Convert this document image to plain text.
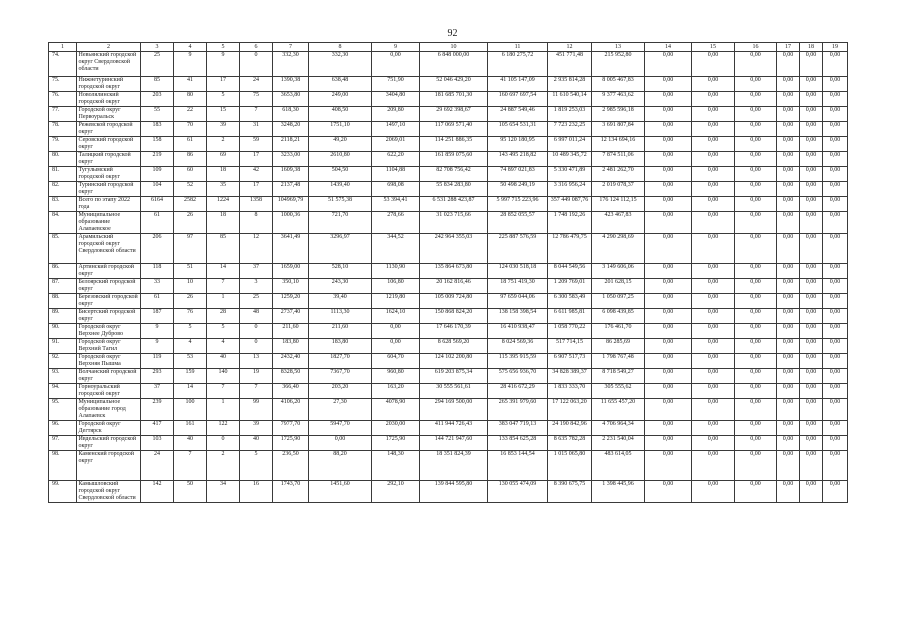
92
1	2	3	4	5	6	7	8	9	10	11	12	13	14	15	16	17	18	19
74.	Невьянский городской округ Свердловской области	25	9	9	0	332,30	332,30	0,00	6 848 000,00	6 180 275,72	451 771,48	215 952,80	0,00	0,00	0,00	0,00	0,00	0,00
75.	Нижнетуринский городской округ	85	41	17	24	1390,38	638,48	751,90	52 046 429,20	41 105 147,09	2 935 814,28	8 005 467,83	0,00	0,00	0,00	0,00	0,00	0,00
76.	Новолялинский городской округ	203	80	5	75	3653,80	249,00	3404,80	181 685 701,30	160 697 697,54	11 610 540,14	9 377 463,62	0,00	0,00	0,00	0,00	0,00	0,00
77.	Городской округ Первоуральск	55	22	15	7	618,30	408,50	209,80	29 692 398,67	24 887 549,46	1 819 253,03	2 985 596,18	0,00	0,00	0,00	0,00	0,00	0,00
78.	Режевской городской округ	183	70	39	31	3248,20	1751,10	1497,10	117 069 571,40	105 654 531,31	7 723 232,25	3 691 807,84	0,00	0,00	0,00	0,00	0,00	0,00
79.	Серовский городской округ	158	61	2	59	2118,21	49,20	2069,01	114 251 886,35	95 120 180,95	6 997 011,24	12 134 694,16	0,00	0,00	0,00	0,00	0,00	0,00
80.	Талицкий городской округ	219	86	69	17	3233,00	2610,80	622,20	161 859 075,60	143 495 218,82	10 489 345,72	7 874 511,06	0,00	0,00	0,00	0,00	0,00	0,00
81.	Тугулымский городской округ	109	60	18	42	1609,38	504,50	1104,88	82 708 756,42	74 897 021,83	5 330 471,89	2 481 262,70	0,00	0,00	0,00	0,00	0,00	0,00
82.	Туринский городской округ	104	52	35	17	2137,48	1439,40	698,08	55 834 283,80	50 498 249,19	3 316 956,24	2 019 078,37	0,00	0,00	0,00	0,00	0,00	0,00
83.	Всего по этапу 2022 года	6164	2582	1224	1358	104969,79	51 575,38	53 394,41	6 531 288 423,87	5 997 715 223,96	357 449 087,76	176 124 112,15	0,00	0,00	0,00	0,00	0,00	0,00
84.	Муниципальное образование Алапаевское	61	26	18	8	1000,36	721,70	278,66	31 023 715,66	28 852 055,57	1 748 192,26	423 467,83	0,00	0,00	0,00	0,00	0,00	0,00
85.	Арамильский городской округ Свердловской области	206	97	85	12	3641,49	3296,97	344,52	242 964 355,03	225 887 576,59	12 786 479,75	4 290 298,69	0,00	0,00	0,00	0,00	0,00	0,00
86.	Артинский городской округ	118	51	14	37	1659,00	528,10	1130,90	135 864 673,80	124 030 518,18	8 044 549,56	3 149 606,06	0,00	0,00	0,00	0,00	0,00	0,00
87.	Белоярский городской округ	33	10	7	3	350,10	243,30	106,80	20 162 816,46	18 751 419,30	1 209 769,01	201 628,15	0,00	0,00	0,00	0,00	0,00	0,00
88.	Березовский городской округ	61	26	1	25	1259,20	39,40	1219,80	105 009 724,80	97 659 044,06	6 300 583,49	1 050 097,25	0,00	0,00	0,00	0,00	0,00	0,00
89.	Бисертский городской округ	187	76	28	48	2737,40	1113,30	1624,10	150 868 824,20	138 158 398,54	6 611 985,81	6 098 439,85	0,00	0,00	0,00	0,00	0,00	0,00
90.	Городской округ Верхнее Дуброво	9	5	5	0	211,60	211,60	0,00	17 646 170,39	16 410 938,47	1 058 770,22	176 461,70	0,00	0,00	0,00	0,00	0,00	0,00
91.	Городской округ Верхний Тагил	9	4	4	0	183,80	183,80	0,00	8 628 569,20	8 024 569,36	517 714,15	86 285,69	0,00	0,00	0,00	0,00	0,00	0,00
92.	Городской округ Верхняя Пышма	119	53	40	13	2432,40	1827,70	604,70	124 102 200,80	115 395 915,59	6 907 517,73	1 798 767,48	0,00	0,00	0,00	0,00	0,00	0,00
93.	Волчанский городской округ	293	159	140	19	8328,50	7367,70	960,80	619 203 875,34	575 656 936,70	34 828 389,37	8 718 549,27	0,00	0,00	0,00	0,00	0,00	0,00
94.	Горноуральский городской округ	37	14	7	7	366,40	203,20	163,20	30 555 561,61	28 416 672,29	1 833 333,70	305 555,62	0,00	0,00	0,00	0,00	0,00	0,00
95.	Муниципальное образование город Алапаевск	239	100	1	99	4106,20	27,30	4078,90	294 169 500,00	265 391 979,60	17 122 063,20	11 655 457,20	0,00	0,00	0,00	0,00	0,00	0,00
96.	Городской округ Дегтярск	417	161	122	39	7977,70	5947,70	2030,00	411 944 726,43	383 047 719,13	24 190 842,96	4 706 964,34	0,00	0,00	0,00	0,00	0,00	0,00
97.	Ивдельский городской округ	103	40	0	40	1725,90	0,00	1725,90	144 721 947,60	133 854 625,28	8 635 782,28	2 231 540,04	0,00	0,00	0,00	0,00	0,00	0,00
98.	Каменский городской округ	24	7	2	5	236,50	88,20	148,30	18 351 824,39	16 853 144,54	1 015 065,80	483 614,05	0,00	0,00	0,00	0,00	0,00	0,00
99.	Камышловский городской округ Свердловской области	142	50	34	16	1743,70	1451,60	292,10	139 844 595,80	130 055 474,09	8 390 675,75	1 398 445,96	0,00	0,00	0,00	0,00	0,00	0,00
